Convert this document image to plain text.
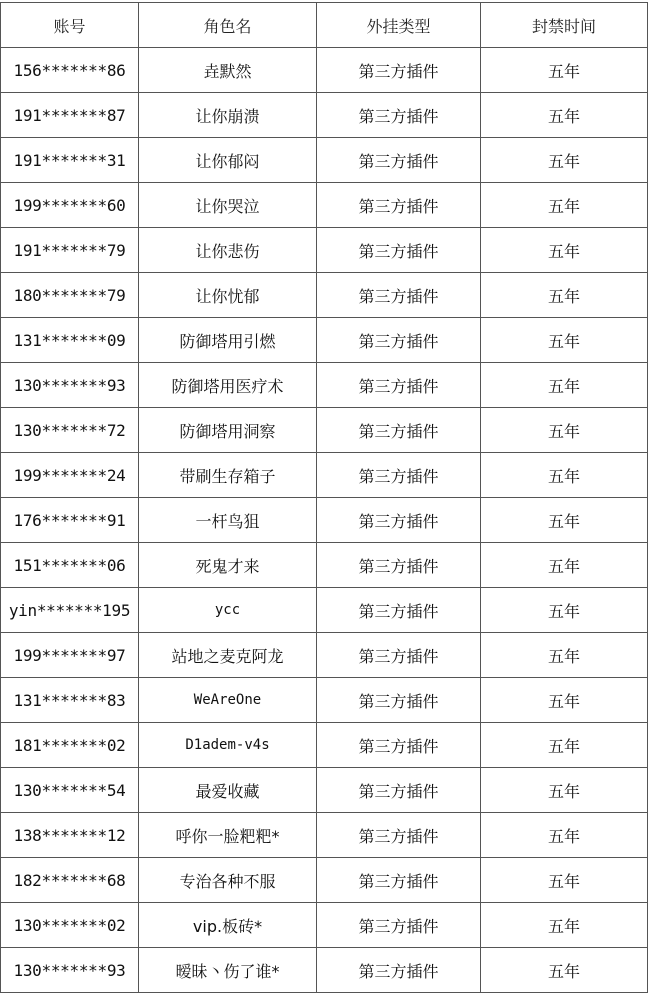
账号	角色名	外挂类型	封禁时间
156*******86	垚默然	第三方插件	五年
191*******87	让你崩溃	第三方插件	五年
191*******31	让你郁闷	第三方插件	五年
199*******60	让你哭泣	第三方插件	五年
191*******79	让你悲伤	第三方插件	五年
180*******79	让你忧郁	第三方插件	五年
131*******09	防御塔用引燃	第三方插件	五年
130*******93	防御塔用医疗术	第三方插件	五年
130*******72	防御塔用洞察	第三方插件	五年
199*******24	带刷生存箱子	第三方插件	五年
176*******91	一杆鸟狙	第三方插件	五年
151*******06	死鬼才来	第三方插件	五年
yin*******195	ycc	第三方插件	五年
199*******97	站地之麦克阿龙	第三方插件	五年
131*******83	WeAreOne	第三方插件	五年
181*******02	D1adem-v4s	第三方插件	五年
130*******54	最爱收藏	第三方插件	五年
138*******12	呼你一脸粑粑*	第三方插件	五年
182*******68	专治各种不服	第三方插件	五年
130*******02	vip.板砖*	第三方插件	五年
130*******93	暧昧丶伤了谁*	第三方插件	五年
